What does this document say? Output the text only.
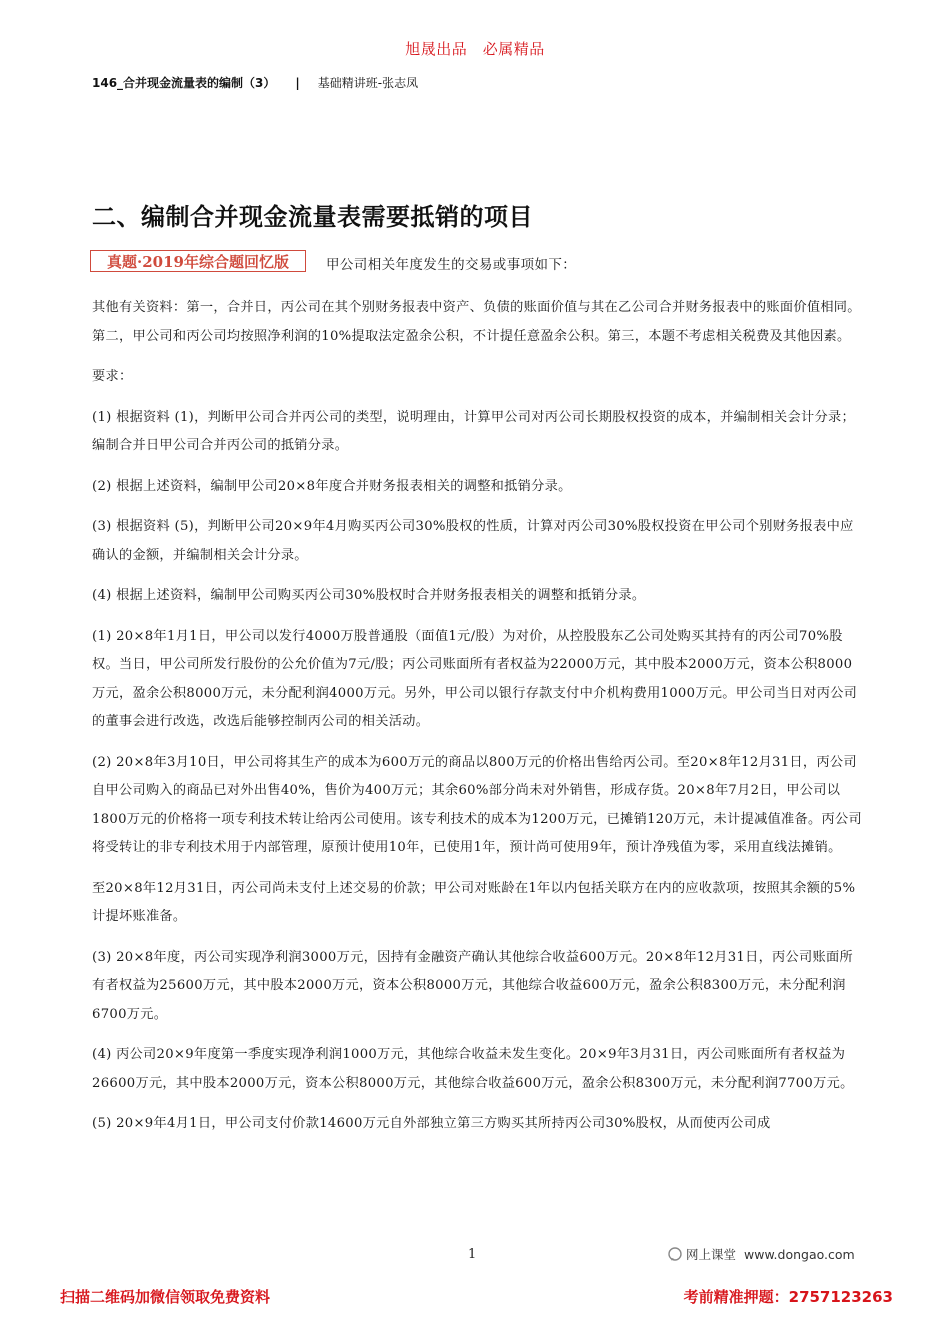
旭晟出品　必属精品
146_合并现金流量表的编制（3） | 基础精讲班-张志凤
二、编制合并现金流量表需要抵销的项目
真题·2019年综合题回忆版	甲公司相关年度发生的交易或事项如下：

其他有关资料：第一，合并日，丙公司在其个别财务报表中资产、负债的账面价值与其在乙公司合并财务报表中的账面价值相同。第二，甲公司和丙公司均按照净利润的10%提取法定盈余公积，不计提任意盈余公积。第三，本题不考虑相关税费及其他因素。

要求：

(1) 根据资料 (1)，判断甲公司合并丙公司的类型，说明理由，计算甲公司对丙公司长期股权投资的成本，并编制相关会计分录；编制合并日甲公司合并丙公司的抵销分录。

(2) 根据上述资料，编制甲公司20×8年度合并财务报表相关的调整和抵销分录。

(3) 根据资料 (5)，判断甲公司20×9年4月购买丙公司30%股权的性质，计算对丙公司30%股权投资在甲公司个别财务报表中应确认的金额，并编制相关会计分录。

(4) 根据上述资料，编制甲公司购买丙公司30%股权时合并财务报表相关的调整和抵销分录。

(1) 20×8年1月1日，甲公司以发行4000万股普通股（面值1元/股）为对价，从控股股东乙公司处购买其持有的丙公司70%股权。当日，甲公司所发行股份的公允价值为7元/股；丙公司账面所有者权益为22000万元，其中股本2000万元，资本公积8000万元，盈余公积8000万元，未分配利润4000万元。另外，甲公司以银行存款支付中介机构费用1000万元。甲公司当日对丙公司的董事会进行改选，改选后能够控制丙公司的相关活动。

(2) 20×8年3月10日，甲公司将其生产的成本为600万元的商品以800万元的价格出售给丙公司。至20×8年12月31日，丙公司自甲公司购入的商品已对外出售40%，售价为400万元；其余60%部分尚未对外销售，形成存货。20×8年7月2日，甲公司以1800万元的价格将一项专利技术转让给丙公司使用。该专利技术的成本为1200万元，已摊销120万元，未计提减值准备。丙公司将受转让的非专利技术用于内部管理，原预计使用10年，已使用1年，预计尚可使用9年，预计净残值为零，采用直线法摊销。

至20×8年12月31日，丙公司尚未支付上述交易的价款；甲公司对账龄在1年以内包括关联方在内的应收款项，按照其余额的5%计提坏账准备。

(3) 20×8年度，丙公司实现净利润3000万元，因持有金融资产确认其他综合收益600万元。20×8年12月31日，丙公司账面所有者权益为25600万元，其中股本2000万元，资本公积8000万元，其他综合收益600万元，盈余公积8300万元，未分配利润6700万元。

(4) 丙公司20×9年度第一季度实现净利润1000万元，其他综合收益未发生变化。20×9年3月31日，丙公司账面所有者权益为26600万元，其中股本2000万元，资本公积8000万元，其他综合收益600万元，盈余公积8300万元，未分配利润7700万元。

(5) 20×9年4月1日，甲公司支付价款14600万元自外部独立第三方购买其所持丙公司30%股权，从而使丙公司成

1	网上课堂 www.dongao.com
扫描二维码加微信领取免费资料	考前精准押题：2757123263
